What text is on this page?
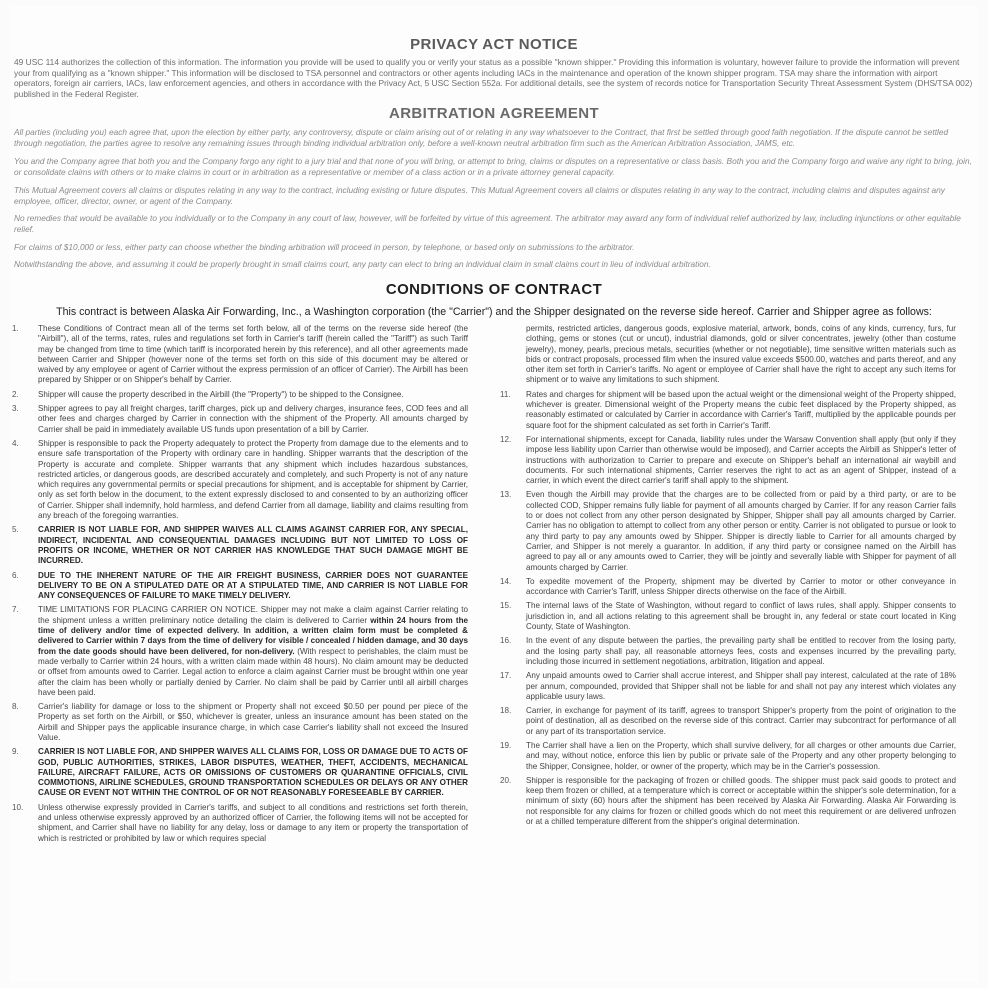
PRIVACY ACT NOTICE

49 USC 114 authorizes the collection of this information. The information you provide will be used to qualify you or verify your status as a possible "known shipper." Providing this information is voluntary, however failure to provide the information will prevent your from qualifying as a "known shipper." This information will be disclosed to TSA personnel and contractors or other agents including IACs in the maintenance and operation of the known shipper program. TSA may share the information with airport operators, foreign air carriers, IACs, law enforcement agencies, and others in accordance with the Privacy Act, 5 USC Section 552a. For additional details, see the system of records notice for Transportation Security Threat Assessment System (DHS/TSA 002) published in the Federal Register.

ARBITRATION AGREEMENT

All parties (including you) each agree that, upon the election by either party, any controversy, dispute or claim arising out of or relating in any way whatsoever to the Contract, that first be settled through good faith negotiation. If the dispute cannot be settled through negotiation, the parties agree to resolve any remaining issues through binding individual arbitration only, before a well-known neutral arbitration firm such as the American Arbitration Association, JAMS, etc.

You and the Company agree that both you and the Company forgo any right to a jury trial and that none of you will bring, or attempt to bring, claims or disputes on a representative or class basis. Both you and the Company forgo and waive any right to bring, join, or consolidate claims with others or to make claims in court or in arbitration as a representative or member of a class action or in a private attorney general capacity.

This Mutual Agreement covers all claims or disputes relating in any way to the contract, including existing or future disputes. This Mutual Agreement covers all claims or disputes relating in any way to the contract, including claims and disputes against any employee, officer, director, owner, or agent of the Company.

No remedies that would be available to you individually or to the Company in any court of law, however, will be forfeited by virtue of this agreement. The arbitrator may award any form of individual relief authorized by law, including injunctions or other equitable relief.

For claims of $10,000 or less, either party can choose whether the binding arbitration will proceed in person, by telephone, or based only on submissions to the arbitrator.

Notwithstanding the above, and assuming it could be properly brought in small claims court, any party can elect to bring an individual claim in small claims court in lieu of individual arbitration.

CONDITIONS OF CONTRACT

This contract is between Alaska Air Forwarding, Inc., a Washington corporation (the "Carrier") and the Shipper designated on the reverse side hereof. Carrier and Shipper agree as follows:

1.	These Conditions of Contract mean all of the terms set forth below, all of the terms on the reverse side hereof (the "Airbill"), all of the terms, rates, rules and regulations set forth in Carrier's tariff (herein called the "Tariff") as such Tariff may be changed from time to time (which tariff is incorporated herein by this reference), and all other agreements made between Carrier and Shipper (however none of the terms set forth on this side of this document may be altered or waived by any employee or agent of Carrier without the express permission of an officer of Carrier). The Airbill has been prepared by Shipper or on Shipper's behalf by Carrier.
2.	Shipper will cause the property described in the Airbill (the "Property") to be shipped to the Consignee.
3.	Shipper agrees to pay all freight charges, tariff charges, pick up and delivery charges, insurance fees, COD fees and all other fees and charges charged by Carrier in connection with the shipment of the Property. All amounts charged by Carrier shall be paid in immediately available US funds upon presentation of a bill by Carrier.
4.	Shipper is responsible to pack the Property adequately to protect the Property from damage due to the elements and to ensure safe transportation of the Property with ordinary care in handling. Shipper warrants that the description of the Property is accurate and complete. Shipper warrants that any shipment which includes hazardous substances, restricted articles, or dangerous goods, are described accurately and completely, and such Property is not of any nature which requires any governmental permits or special precautions for shipment, and is acceptable for shipment by Carrier, only as set forth below in the document, to the extent expressly disclosed to and consented to by an authorizing officer of Carrier. Shipper shall indemnify, hold harmless, and defend Carrier from all damage, liability and claims resulting from any breach of the foregoing warranties.
5.	CARRIER IS NOT LIABLE FOR, AND SHIPPER WAIVES ALL CLAIMS AGAINST CARRIER FOR, ANY SPECIAL, INDIRECT, INCIDENTAL AND CONSEQUENTIAL DAMAGES INCLUDING BUT NOT LIMITED TO LOSS OF PROFITS OR INCOME, WHETHER OR NOT CARRIER HAS KNOWLEDGE THAT SUCH DAMAGE MIGHT BE INCURRED.
6.	DUE TO THE INHERENT NATURE OF THE AIR FREIGHT BUSINESS, CARRIER DOES NOT GUARANTEE DELIVERY TO BE ON A STIPULATED DATE OR AT A STIPULATED TIME, AND CARRIER IS NOT LIABLE FOR ANY CONSEQUENCES OF FAILURE TO MAKE TIMELY DELIVERY.
7.	TIME LIMITATIONS FOR PLACING CARRIER ON NOTICE. Shipper may not make a claim against Carrier relating to the shipment unless a written preliminary notice detailing the claim is delivered to Carrier within 24 hours from the time of delivery and/or time of expected delivery. In addition, a written claim form must be completed & delivered to Carrier within 7 days from the time of delivery for visible / concealed / hidden damage, and 30 days from the date goods should have been delivered, for non-delivery. (With respect to perishables, the claim must be made verbally to Carrier within 24 hours, with a written claim made within 48 hours). No claim amount may be deducted or offset from amounts owed to Carrier. Legal action to enforce a claim against Carrier must be brought within one year after the claim has been wholly or partially denied by Carrier. No claim shall be paid by Carrier until all airbill charges have been paid.
8.	Carrier's liability for damage or loss to the shipment or Property shall not exceed $0.50 per pound per piece of the Property as set forth on the Airbill, or $50, whichever is greater, unless an insurance amount has been stated on the Airbill and Shipper pays the applicable insurance charge, in which case Carrier's liability shall not exceed the Insured Value.
9.	CARRIER IS NOT LIABLE FOR, AND SHIPPER WAIVES ALL CLAIMS FOR, LOSS OR DAMAGE DUE TO ACTS OF GOD, PUBLIC AUTHORITIES, STRIKES, LABOR DISPUTES, WEATHER, THEFT, ACCIDENTS, MECHANICAL FAILURE, AIRCRAFT FAILURE, ACTS OR OMISSIONS OF CUSTOMERS OR QUARANTINE OFFICIALS, CIVIL COMMOTIONS, AIRLINE SCHEDULES, GROUND TRANSPORTATION SCHEDULES OR DELAYS OR ANY OTHER CAUSE OR EVENT NOT WITHIN THE CONTROL OF OR NOT REASONABLY FORESEEABLE BY CARRIER.
10.	Unless otherwise expressly provided in Carrier's tariffs, and subject to all conditions and restrictions set forth therein, and unless otherwise expressly approved by an authorized officer of Carrier, the following items will not be accepted for shipment, and Carrier shall have no liability for any delay, loss or damage to any item or property the transportation of which is restricted or prohibited by law or which requires special
permits, restricted articles, dangerous goods, explosive material, artwork, bonds, coins of any kinds, currency, furs, fur clothing, gems or stones (cut or uncut), industrial diamonds, gold or silver concentrates, jewelry (other than costume jewelry), money, pearls, precious metals, securities (whether or not negotiable), time sensitive written materials such as bids or contract proposals, processed film when the insured value exceeds $500.00, watches and parts thereof, and any other item set forth in Carrier's tariffs. No agent or employee of Carrier shall have the right to accept any such items for shipment or to waive any limitations to such shipment.
11.	Rates and charges for shipment will be based upon the actual weight or the dimensional weight of the Property shipped, whichever is greater. Dimensional weight of the Property means the cubic feet displaced by the Property shipped, as reasonably estimated or calculated by Carrier in accordance with Carrier's Tariff, multiplied by the applicable pounds per square foot for the shipment calculated as set forth in Carrier's Tariff.
12.	For international shipments, except for Canada, liability rules under the Warsaw Convention shall apply (but only if they impose less liability upon Carrier than otherwise would be imposed), and Carrier accepts the Airbill as Shipper's letter of instructions with authorization to Carrier to prepare and execute on Shipper's behalf an international air waybill and documents. For such international shipments, Carrier reserves the right to act as an agent of Shipper, instead of a carrier, in which event the direct carrier's tariff shall apply to the shipment.
13.	Even though the Airbill may provide that the charges are to be collected from or paid by a third party, or are to be collected COD, Shipper remains fully liable for payment of all amounts charged by Carrier. If for any reason Carrier fails to or does not collect from any other person designated by Shipper, Shipper shall pay all amounts charged by Carrier. Carrier has no obligation to attempt to collect from any other person or entity. Carrier is not obligated to pursue or look to any third party to pay any amounts owed by Shipper. Shipper is directly liable to Carrier for all amounts charged by Carrier, and Shipper is not merely a guarantor. In addition, if any third party or consignee named on the Airbill has agreed to pay all or any amounts owed to Carrier, they will be jointly and severally liable with Shipper for payment of all amounts charged by Carrier.
14.	To expedite movement of the Property, shipment may be diverted by Carrier to motor or other conveyance in accordance with Carrier's Tariff, unless Shipper directs otherwise on the face of the Airbill.
15.	The internal laws of the State of Washington, without regard to conflict of laws rules, shall apply. Shipper consents to jurisdiction in, and all actions relating to this agreement shall be brought in, any federal or state court located in King County, State of Washington.
16.	In the event of any dispute between the parties, the prevailing party shall be entitled to recover from the losing party, and the losing party shall pay, all reasonable attorneys fees, costs and expenses incurred by the prevailing party, including those incurred in settlement negotiations, arbitration, litigation and appeal.
17.	Any unpaid amounts owed to Carrier shall accrue interest, and Shipper shall pay interest, calculated at the rate of 18% per annum, compounded, provided that Shipper shall not be liable for and shall not pay any interest which violates any applicable usury laws.
18.	Carrier, in exchange for payment of its tariff, agrees to transport Shipper's property from the point of origination to the point of destination, all as described on the reverse side of this contract. Carrier may subcontract for performance of all or any part of its transportation service.
19.	The Carrier shall have a lien on the Property, which shall survive delivery, for all charges or other amounts due Carrier, and may, without notice, enforce this lien by public or private sale of the Property and any other property belonging to the Shipper, Consignee, holder, or owner of the property, which may be in the Carrier's possession.
20.	Shipper is responsible for the packaging of frozen or chilled goods. The shipper must pack said goods to protect and keep them frozen or chilled, at a temperature which is correct or acceptable within the shipper's sole determination, for a minimum of sixty (60) hours after the shipment has been received by Alaska Air Forwarding. Alaska Air Forwarding is not responsible for any claims for frozen or chilled goods which do not meet this requirement or are delivered unfrozen or at a chilled temperature different from the shipper's original determination.
